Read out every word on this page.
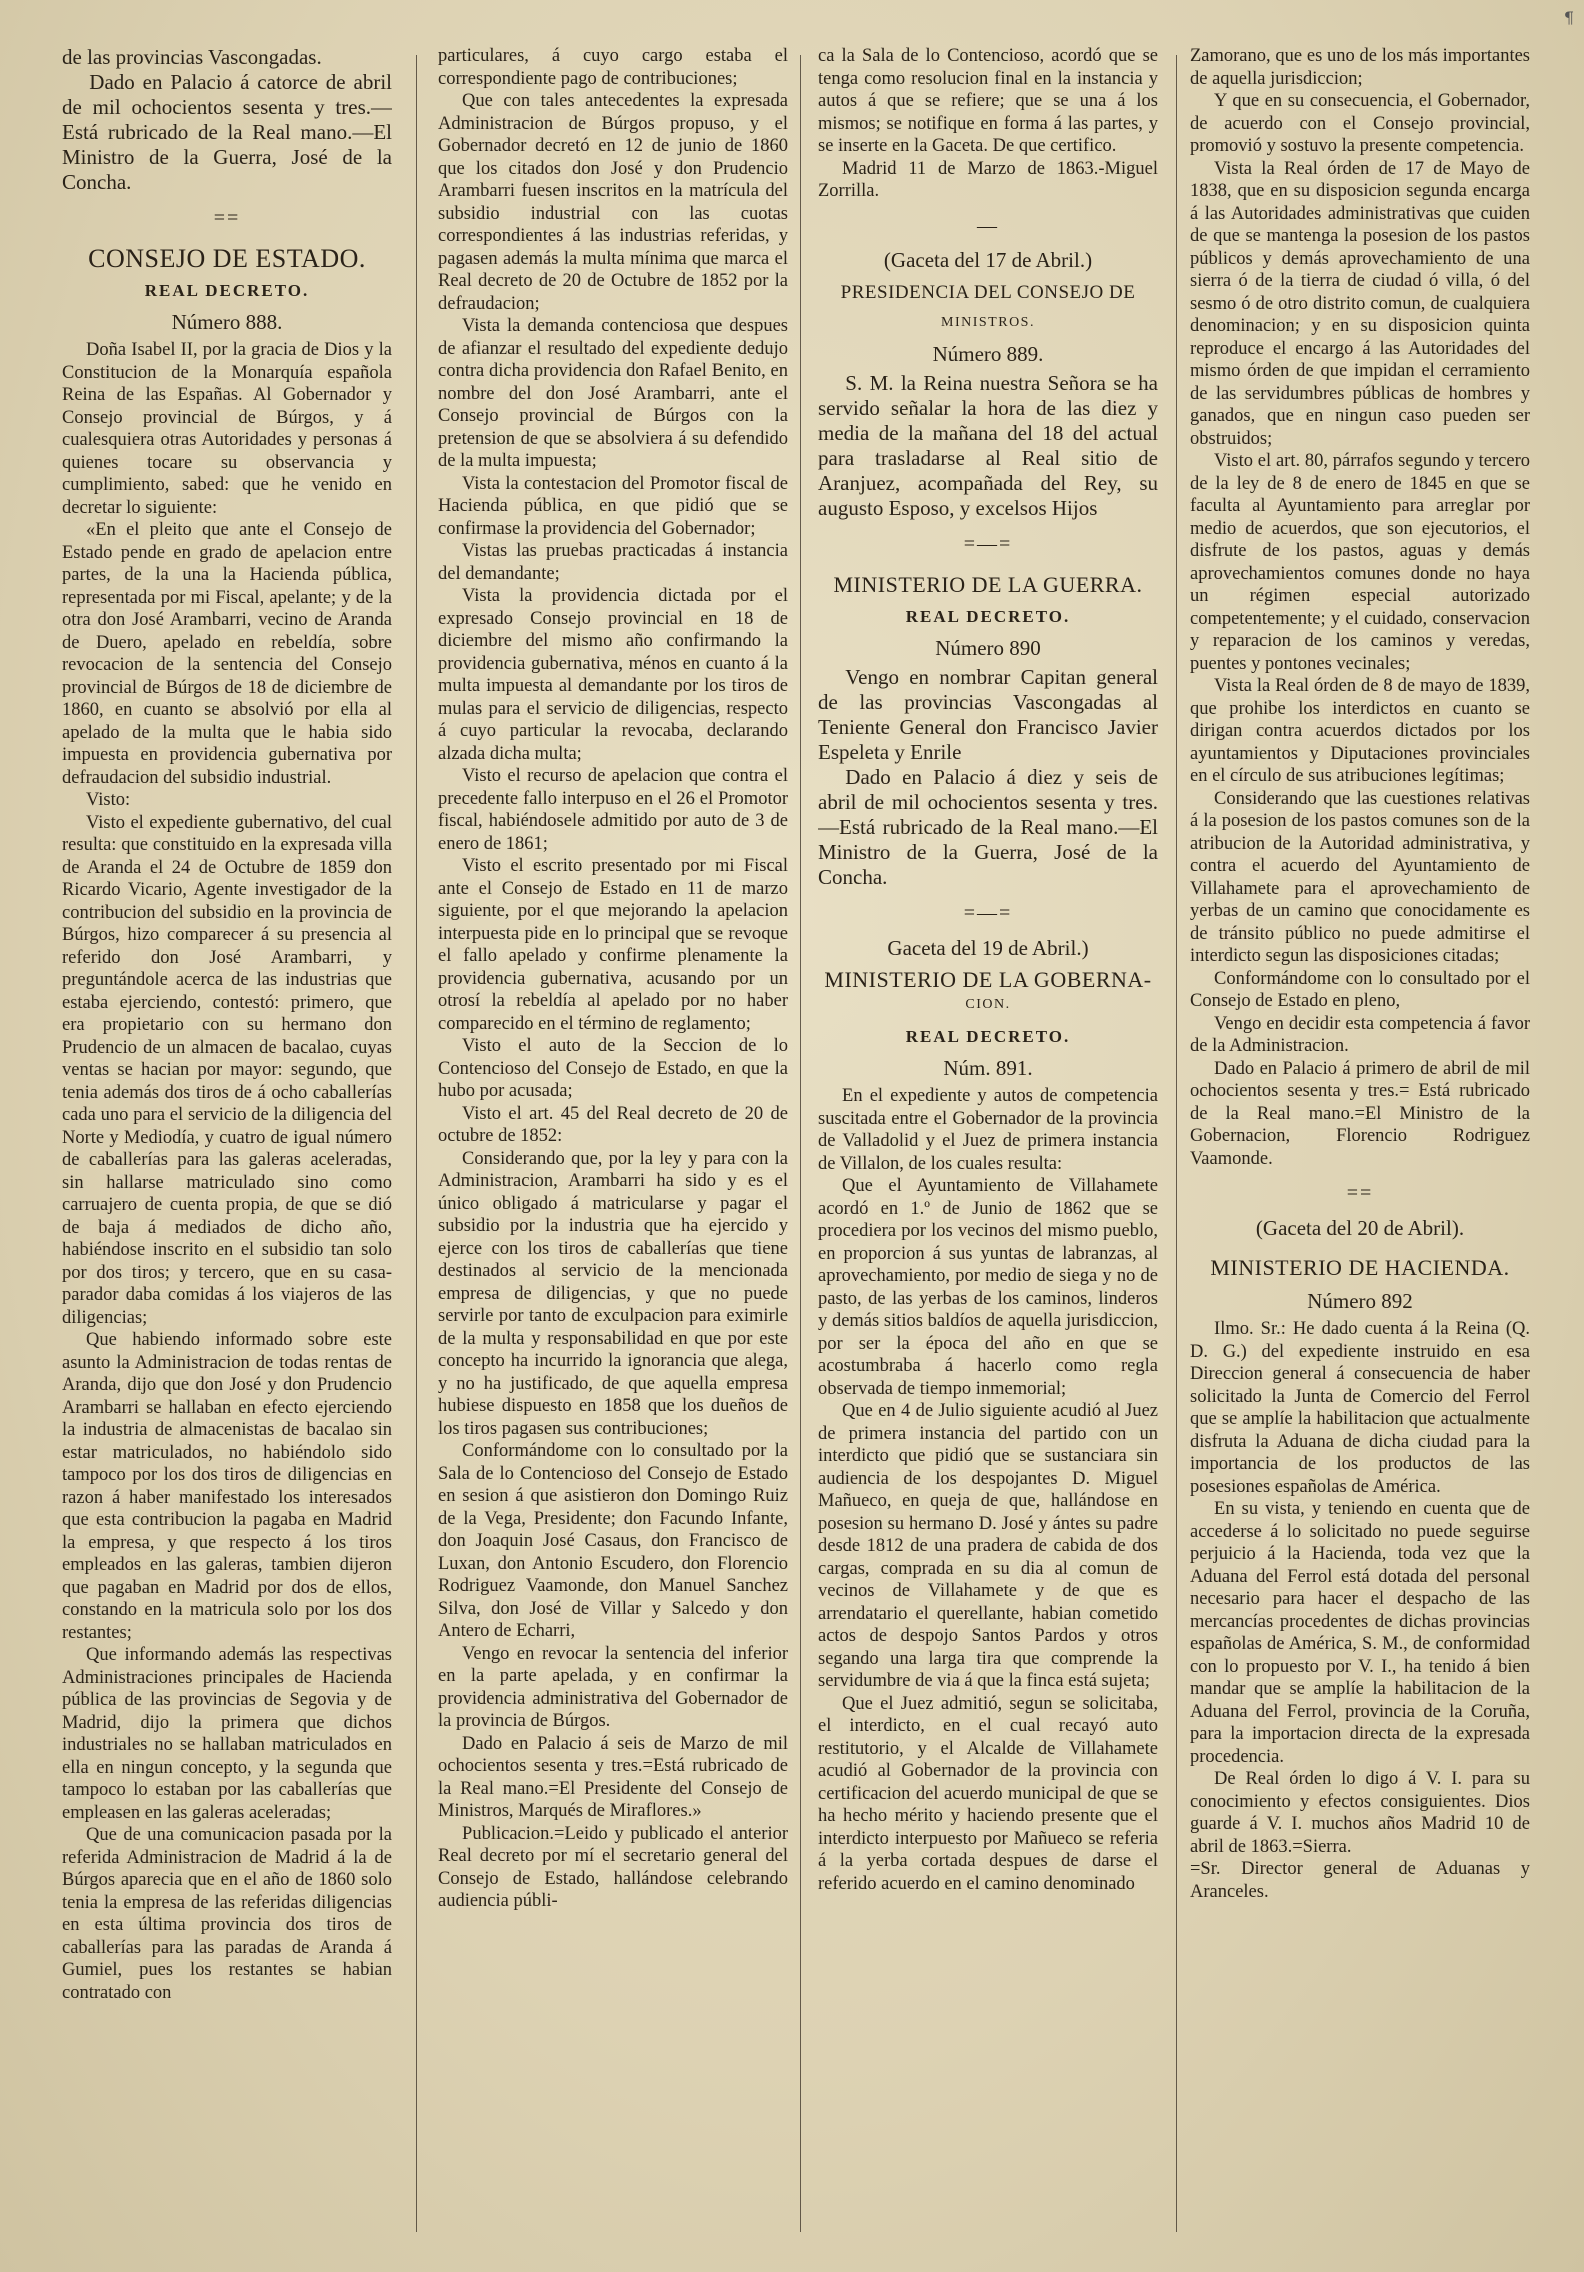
¶

de las provincias Vascongadas.

Dado en Palacio á catorce de abril de mil ochocientos sesenta y tres.—Está rubricado de la Real mano.—El Ministro de la Guerra, José de la Concha.

==
CONSEJO DE ESTADO.
REAL DECRETO.
Número 888.

Doña Isabel II, por la gracia de Dios y la Constitucion de la Monarquía española Reina de las Españas. Al Gobernador y Consejo provincial de Búrgos, y á cualesquiera otras Autoridades y personas á quienes tocare su observancia y cumplimiento, sabed: que he venido en decretar lo siguiente:

«En el pleito que ante el Consejo de Estado pende en grado de apelacion entre partes, de la una la Hacienda pública, representada por mi Fiscal, apelante; y de la otra don José Arambarri, vecino de Aranda de Duero, apelado en rebeldía, sobre revocacion de la sentencia del Consejo provincial de Búrgos de 18 de diciembre de 1860, en cuanto se absolvió por ella al apelado de la multa que le habia sido impuesta en providencia gubernativa por defraudacion del subsidio industrial.

Visto:

Visto el expediente gubernativo, del cual resulta: que constituido en la expresada villa de Aranda el 24 de Octubre de 1859 don Ricardo Vicario, Agente investigador de la contribucion del subsidio en la provincia de Búrgos, hizo comparecer á su presencia al referido don José Arambarri, y preguntándole acerca de las industrias que estaba ejerciendo, contestó: primero, que era propietario con su hermano don Prudencio de un almacen de bacalao, cuyas ventas se hacian por mayor: segundo, que tenia además dos tiros de á ocho caballerías cada uno para el servicio de la diligencia del Norte y Mediodía, y cuatro de igual número de caballerías para las galeras aceleradas, sin hallarse matriculado sino como carruajero de cuenta propia, de que se dió de baja á mediados de dicho año, habiéndose inscrito en el subsidio tan solo por dos tiros; y tercero, que en su casa-parador daba comidas á los viajeros de las diligencias;

Que habiendo informado sobre este asunto la Administracion de todas rentas de Aranda, dijo que don José y don Prudencio Arambarri se hallaban en efecto ejerciendo la industria de almacenistas de bacalao sin estar matriculados, no habiéndolo sido tampoco por los dos tiros de diligencias en razon á haber manifestado los interesados que esta contribucion la pagaba en Madrid la empresa, y que respecto á los tiros empleados en las galeras, tambien dijeron que pagaban en Madrid por dos de ellos, constando en la matricula solo por los dos restantes;

Que informando además las respectivas Administraciones principales de Hacienda pública de las provincias de Segovia y de Madrid, dijo la primera que dichos industriales no se hallaban matriculados en ella en ningun concepto, y la segunda que tampoco lo estaban por las caballerías que empleasen en las galeras aceleradas;

Que de una comunicacion pasada por la referida Administracion de Madrid á la de Búrgos aparecia que en el año de 1860 solo tenia la empresa de las referidas diligencias en esta última provincia dos tiros de caballerías para las paradas de Aranda á Gumiel, pues los restantes se habian contratado con

particulares, á cuyo cargo estaba el correspondiente pago de contribuciones;

Que con tales antecedentes la expresada Administracion de Búrgos propuso, y el Gobernador decretó en 12 de junio de 1860 que los citados don José y don Prudencio Arambarri fuesen inscritos en la matrícula del subsidio industrial con las cuotas correspondientes á las industrias referidas, y pagasen además la multa mínima que marca el Real decreto de 20 de Octubre de 1852 por la defraudacion;

Vista la demanda contenciosa que despues de afianzar el resultado del expediente dedujo contra dicha providencia don Rafael Benito, en nombre del don José Arambarri, ante el Consejo provincial de Búrgos con la pretension de que se absolviera á su defendido de la multa impuesta;

Vista la contestacion del Promotor fiscal de Hacienda pública, en que pidió que se confirmase la providencia del Gobernador;

Vistas las pruebas practicadas á instancia del demandante;

Vista la providencia dictada por el expresado Consejo provincial en 18 de diciembre del mismo año confirmando la providencia gubernativa, ménos en cuanto á la multa impuesta al demandante por los tiros de mulas para el servicio de diligencias, respecto á cuyo particular la revocaba, declarando alzada dicha multa;

Visto el recurso de apelacion que contra el precedente fallo interpuso en el 26 el Promotor fiscal, habiéndosele admitido por auto de 3 de enero de 1861;

Visto el escrito presentado por mi Fiscal ante el Consejo de Estado en 11 de marzo siguiente, por el que mejorando la apelacion interpuesta pide en lo principal que se revoque el fallo apelado y confirme plenamente la providencia gubernativa, acusando por un otrosí la rebeldía al apelado por no haber comparecido en el término de reglamento;

Visto el auto de la Seccion de lo Contencioso del Consejo de Estado, en que la hubo por acusada;

Visto el art. 45 del Real decreto de 20 de octubre de 1852:

Considerando que, por la ley y para con la Administracion, Arambarri ha sido y es el único obligado á matricularse y pagar el subsidio por la industria que ha ejercido y ejerce con los tiros de caballerías que tiene destinados al servicio de la mencionada empresa de diligencias, y que no puede servirle por tanto de exculpacion para eximirle de la multa y responsabilidad en que por este concepto ha incurrido la ignorancia que alega, y no ha justificado, de que aquella empresa hubiese dispuesto en 1858 que los dueños de los tiros pagasen sus contribuciones;

Conformándome con lo consultado por la Sala de lo Contencioso del Consejo de Estado en sesion á que asistieron don Domingo Ruiz de la Vega, Presidente; don Facundo Infante, don Joaquin José Casaus, don Francisco de Luxan, don Antonio Escudero, don Florencio Rodriguez Vaamonde, don Manuel Sanchez Silva, don José de Villar y Salcedo y don Antero de Echarri,

Vengo en revocar la sentencia del inferior en la parte apelada, y en confirmar la providencia administrativa del Gobernador de la provincia de Búrgos.

Dado en Palacio á seis de Marzo de mil ochocientos sesenta y tres.=Está rubricado de la Real mano.=El Presidente del Consejo de Ministros, Marqués de Miraflores.»

Publicacion.=Leido y publicado el anterior Real decreto por mí el secretario general del Consejo de Estado, hallándose celebrando audiencia públi-

ca la Sala de lo Contencioso, acordó que se tenga como resolucion final en la instancia y autos á que se refiere; que se una á los mismos; se notifique en forma á las partes, y se inserte en la Gaceta. De que certifico.

Madrid 11 de Marzo de 1863.-Miguel Zorrilla.

—
(Gaceta del 17 de Abril.)
PRESIDENCIA DEL CONSEJO DE
MINISTROS.
Número 889.

S. M. la Reina nuestra Señora se ha servido señalar la hora de las diez y media de la mañana del 18 del actual para trasladarse al Real sitio de Aranjuez, acompañada del Rey, su augusto Esposo, y excelsos Hijos

=—=
MINISTERIO DE LA GUERRA.
REAL DECRETO.
Número 890

Vengo en nombrar Capitan general de las provincias Vascongadas al Teniente General don Francisco Javier Espeleta y Enrile

Dado en Palacio á diez y seis de abril de mil ochocientos sesenta y tres.—Está rubricado de la Real mano.—El Ministro de la Guerra, José de la Concha.

=—=
Gaceta del 19 de Abril.)
MINISTERIO DE LA GOBERNA-
CION.
REAL DECRETO.
Núm. 891.

En el expediente y autos de competencia suscitada entre el Gobernador de la provincia de Valladolid y el Juez de primera instancia de Villalon, de los cuales resulta:

Que el Ayuntamiento de Villahamete acordó en 1.º de Junio de 1862 que se procediera por los vecinos del mismo pueblo, en proporcion á sus yuntas de labranzas, al aprovechamiento, por medio de siega y no de pasto, de las yerbas de los caminos, linderos y demás sitios baldíos de aquella jurisdiccion, por ser la época del año en que se acostumbraba á hacerlo como regla observada de tiempo inmemorial;

Que en 4 de Julio siguiente acudió al Juez de primera instancia del partido con un interdicto que pidió que se sustanciara sin audiencia de los despojantes D. Miguel Mañueco, en queja de que, hallándose en posesion su hermano D. José y ántes su padre desde 1812 de una pradera de cabida de dos cargas, comprada en su dia al comun de vecinos de Villahamete y de que es arrendatario el querellante, habian cometido actos de despojo Santos Pardos y otros segando una larga tira que comprende la servidumbre de via á que la finca está sujeta;

Que el Juez admitió, segun se solicitaba, el interdicto, en el cual recayó auto restitutorio, y el Alcalde de Villahamete acudió al Gobernador de la provincia con certificacion del acuerdo municipal de que se ha hecho mérito y haciendo presente que el interdicto interpuesto por Mañueco se referia á la yerba cortada despues de darse el referido acuerdo en el camino denominado

Zamorano, que es uno de los más importantes de aquella jurisdiccion;

Y que en su consecuencia, el Gobernador, de acuerdo con el Consejo provincial, promovió y sostuvo la presente competencia.

Vista la Real órden de 17 de Mayo de 1838, que en su disposicion segunda encarga á las Autoridades administrativas que cuiden de que se mantenga la posesion de los pastos públicos y demás aprovechamiento de una sierra ó de la tierra de ciudad ó villa, ó del sesmo ó de otro distrito comun, de cualquiera denominacion; y en su disposicion quinta reproduce el encargo á las Autoridades del mismo órden de que impidan el cerramiento de las servidumbres públicas de hombres y ganados, que en ningun caso pueden ser obstruidos;

Visto el art. 80, párrafos segundo y tercero de la ley de 8 de enero de 1845 en que se faculta al Ayuntamiento para arreglar por medio de acuerdos, que son ejecutorios, el disfrute de los pastos, aguas y demás aprovechamientos comunes donde no haya un régimen especial autorizado competentemente; y el cuidado, conservacion y reparacion de los caminos y veredas, puentes y pontones vecinales;

Vista la Real órden de 8 de mayo de 1839, que prohibe los interdictos en cuanto se dirigan contra acuerdos dictados por los ayuntamientos y Diputaciones provinciales en el círculo de sus atribuciones legítimas;

Considerando que las cuestiones relativas á la posesion de los pastos comunes son de la atribucion de la Autoridad administrativa, y contra el acuerdo del Ayuntamiento de Villahamete para el aprovechamiento de yerbas de un camino que conocidamente es de tránsito público no puede admitirse el interdicto segun las disposiciones citadas;

Conformándome con lo consultado por el Consejo de Estado en pleno,

Vengo en decidir esta competencia á favor de la Administracion.

Dado en Palacio á primero de abril de mil ochocientos sesenta y tres.= Está rubricado de la Real mano.=El Ministro de la Gobernacion, Florencio Rodriguez Vaamonde.

==
(Gaceta del 20 de Abril).
MINISTERIO DE HACIENDA.
Número 892

Ilmo. Sr.: He dado cuenta á la Reina (Q. D. G.) del expediente instruido en esa Direccion general á consecuencia de haber solicitado la Junta de Comercio del Ferrol que se amplíe la habilitacion que actualmente disfruta la Aduana de dicha ciudad para la importancia de los productos de las posesiones españolas de América.

En su vista, y teniendo en cuenta que de accederse á lo solicitado no puede seguirse perjuicio á la Hacienda, toda vez que la Aduana del Ferrol está dotada del personal necesario para hacer el despacho de las mercancías procedentes de dichas provincias españolas de América, S. M., de conformidad con lo propuesto por V. I., ha tenido á bien mandar que se amplíe la habilitacion de la Aduana del Ferrol, provincia de la Coruña, para la importacion directa de la expresada procedencia.

De Real órden lo digo á V. I. para su conocimiento y efectos consiguientes. Dios guarde á V. I. muchos años Madrid 10 de abril de 1863.=Sierra.

=Sr. Director general de Aduanas y Aranceles.
